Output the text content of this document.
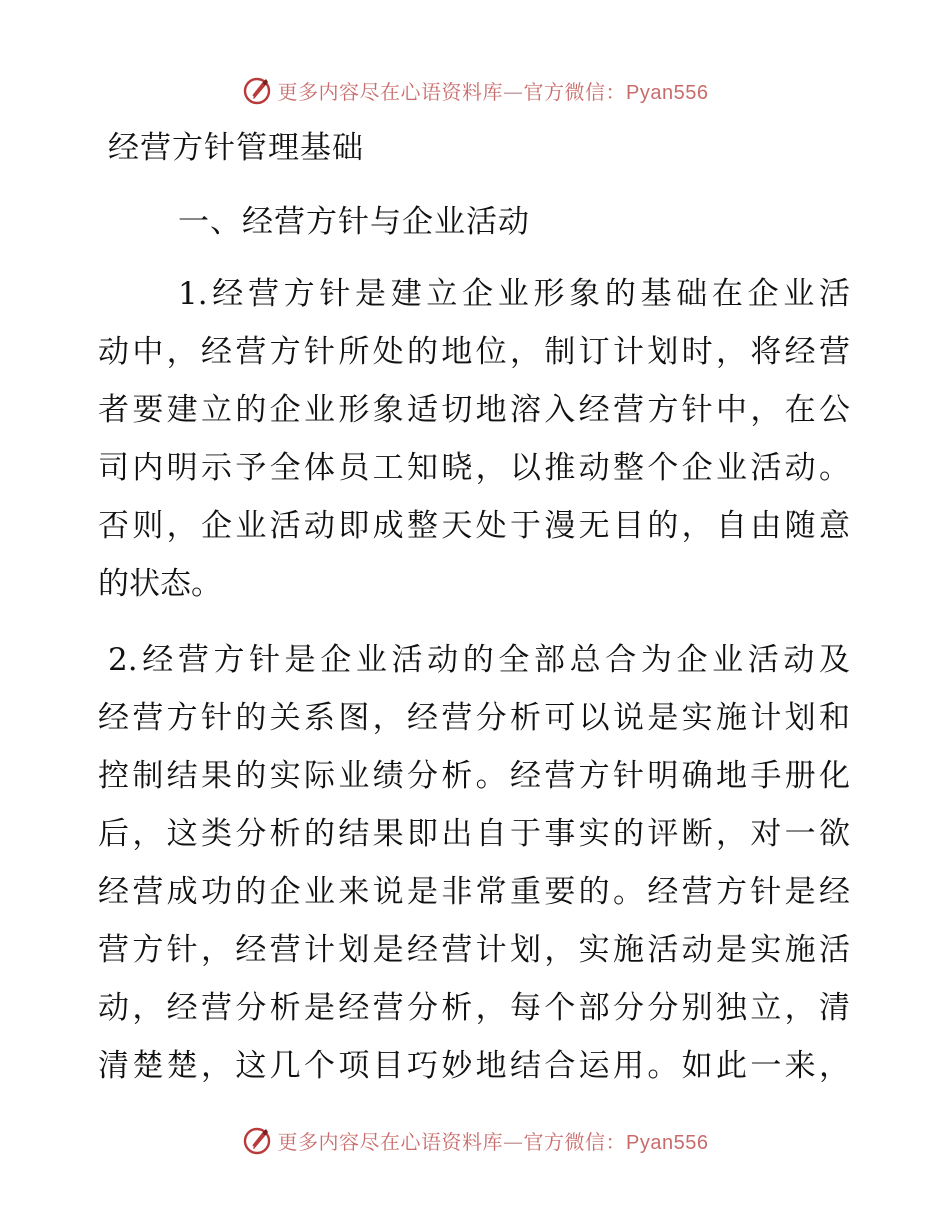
更多内容尽在心语资料库—官方微信：Pyan556
经营方针管理基础
一、经营方针与企业活动
1.经营方针是建立企业形象的基础在企业活
动中，经营方针所处的地位，制订计划时，将经营
者要建立的企业形象适切地溶入经营方针中，在公
司内明示予全体员工知晓，以推动整个企业活动。
否则，企业活动即成整天处于漫无目的，自由随意
的状态。
2.经营方针是企业活动的全部总合为企业活动及
经营方针的关系图，经营分析可以说是实施计划和
控制结果的实际业绩分析。经营方针明确地手册化
后，这类分析的结果即出自于事实的评断，对一欲
经营成功的企业来说是非常重要的。经营方针是经
营方针，经营计划是经营计划，实施活动是实施活
动，经营分析是经营分析，每个部分分别独立，清
清楚楚，这几个项目巧妙地结合运用。如此一来，
更多内容尽在心语资料库—官方微信：Pyan556
